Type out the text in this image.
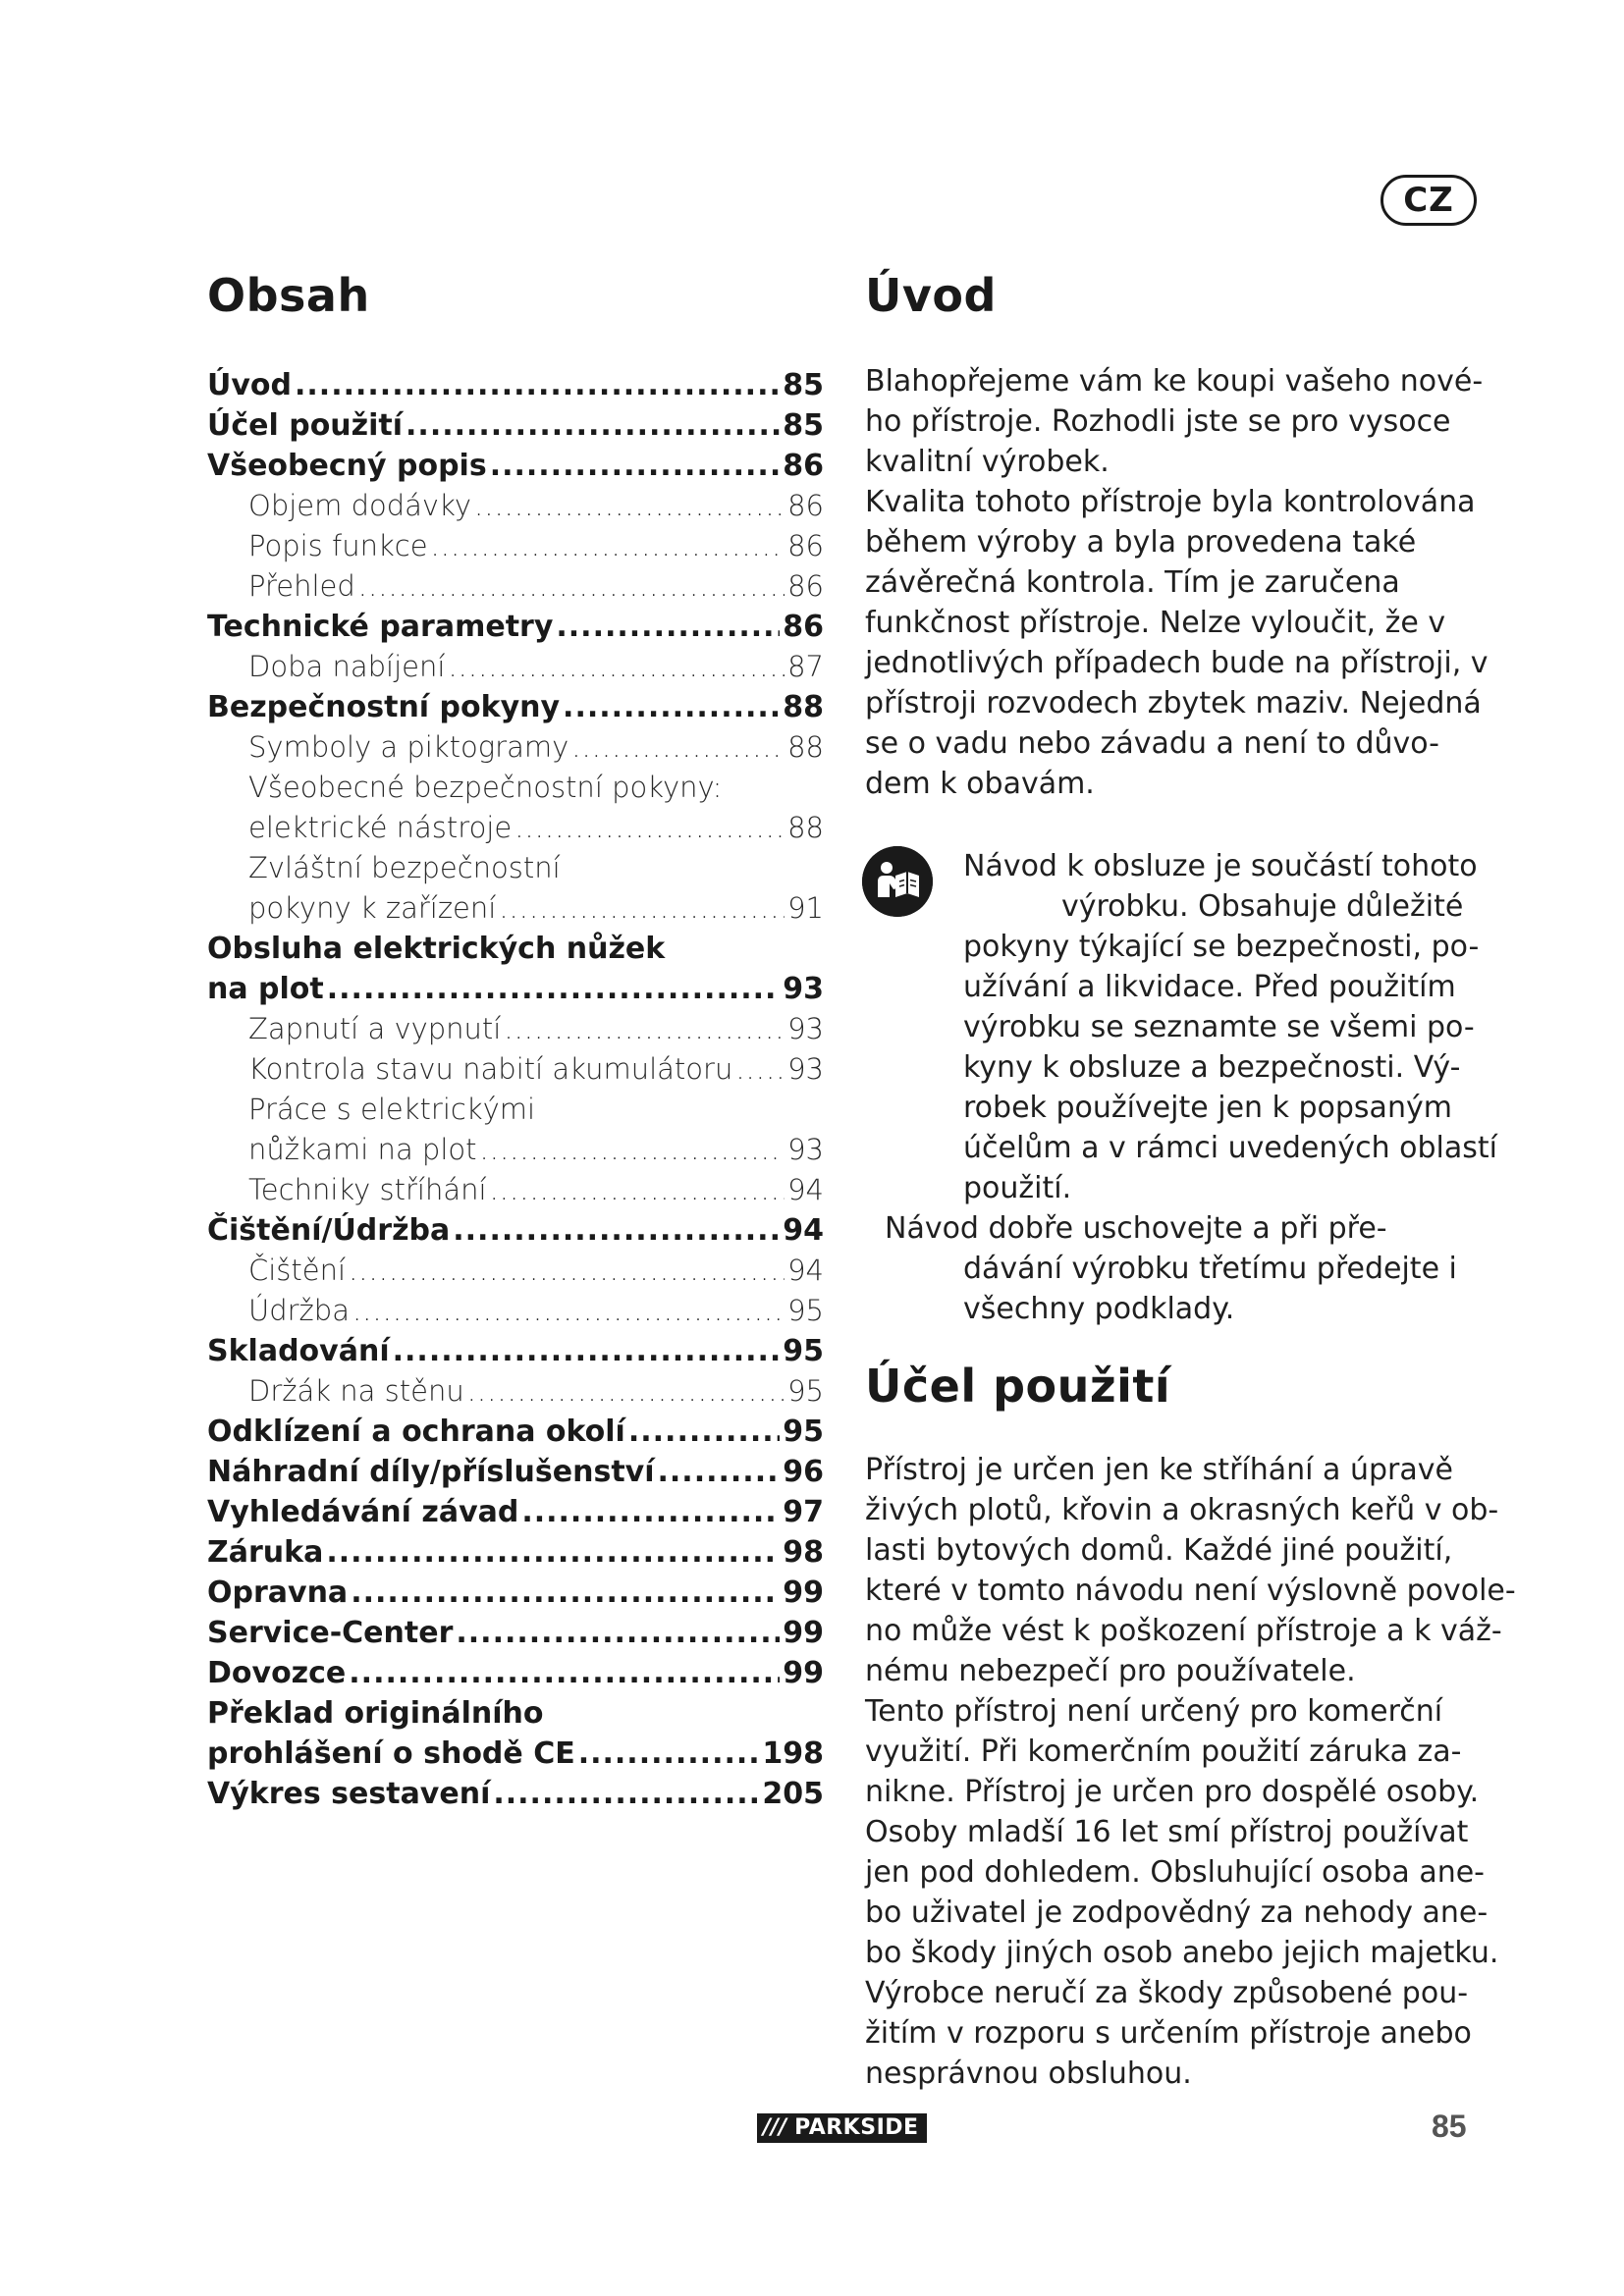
CZ
Obsah
Úvod .....	85
Účel použití .....	85
Všeobecný popis .....	86
Objem dodávky .....	86
Popis funkce .....	86
Přehled .....	86
Technické parametry .....	86
Doba nabíjení .....	87
Bezpečnostní pokyny .....	88
Symboly a piktogramy .....	88
Všeobecné bezpečnostní pokyny:
elektrické nástroje .....	88
Zvláštní bezpečnostní
pokyny k zařízení .....	91
Obsluha elektrických nůžek
na plot .....	93
Zapnutí a vypnutí .....	93
Kontrola stavu nabití akumulátoru ..... 93
Práce s elektrickými
nůžkami na plot .....	93
Techniky stříhání .....	94
Čištění/Údržba .....	94
Čištění .....	94
Údržba .....	95
Skladování .....	95
Držák na stěnu .....	95
Odklízení a ochrana okolí .....	95
Náhradní díly/příslušenství .....	96
Vyhledávání závad .....	97
Záruka .....	98
Opravna .....	99
Service-Center .....	99
Dovozce .....	99
Překlad originálního
prohlášení o shodě CE .....	198
Výkres sestavení .....	205
Úvod

Blahopřejeme vám ke koupi vašeho nové-
ho přístroje. Rozhodli jste se pro vysoce
kvalitní výrobek.
Kvalita tohoto přístroje byla kontrolována
během výroby a byla provedena také
závěrečná kontrola. Tím je zaručena
funkčnost přístroje. Nelze vyloučit, že v
jednotlivých případech bude na přístroji, v
přístroji rozvodech zbytek maziv. Nejedná
se o vadu nebo závadu a není to důvo-
dem k obavám.

Návod k obsluze je součástí tohoto
výrobku. Obsahuje důležité
pokyny týkající se bezpečnosti, po-
užívání a likvidace. Před použitím
výrobku se seznamte se všemi po-
kyny k obsluze a bezpečnosti. Vý-
robek používejte jen k popsaným
účelům a v rámci uvedených oblastí
použití.

Návod dobře uschovejte a při pře-
dávání výrobku třetímu předejte i
všechny podklady.

Účel použití

Přístroj je určen jen ke stříhání a úpravě
živých plotů, křovin a okrasných keřů v ob-
lasti bytových domů. Každé jiné použití,
které v tomto návodu není výslovně povole-
no může vést k poškození přístroje a k váž-
nému nebezpečí pro používatele.
Tento přístroj není určený pro komerční
využití. Při komerčním použití záruka za-
nikne. Přístroj je určen pro dospělé osoby.
Osoby mladší 16 let smí přístroj používat
jen pod dohledem. Obsluhující osoba ane-
bo uživatel je zodpovědný za nehody ane-
bo škody jiných osob anebo jejich majetku.
Výrobce neručí za škody způsobené pou-
žitím v rozporu s určením přístroje anebo
nesprávnou obsluhou.

/// PARKSIDE	85
